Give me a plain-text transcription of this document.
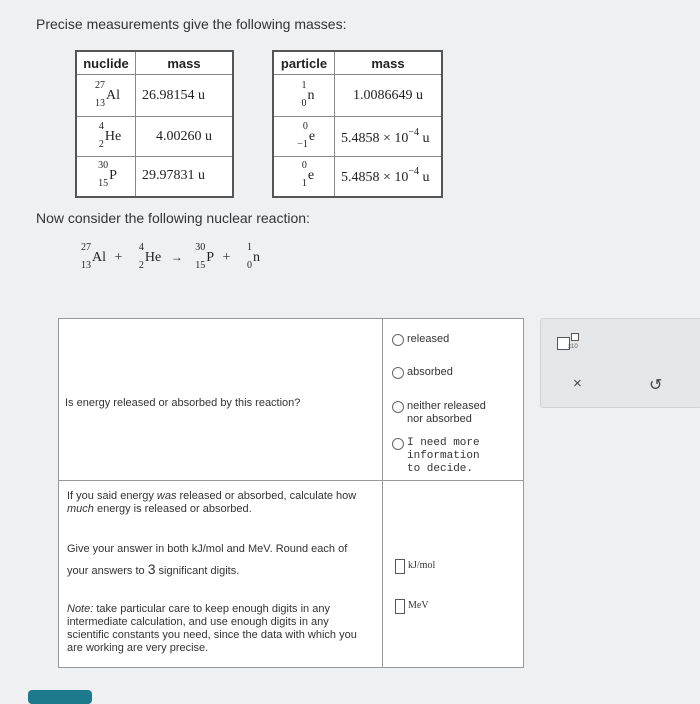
Precise measurements give the following masses:
nuclide	mass

27
13
Al	26.98154 u

4
2
He	4.00260 u

30
15
P	29.97831 u
particle	mass

1
0
n	1.0086649 u

0
−1
e	$5.4858 \times 10^{-4}$ u

0
1
e	$5.4858 \times 10^{-4}$ u
Now consider the following nuclear reaction:
27
13
Al +
4
2
He →
30
15
P +
1
0
n
Is energy released or absorbed by this reaction?
released
absorbed
neither released nor absorbed
I need more information to decide.
If you said energy was released or absorbed, calculate how much energy is released or absorbed.
Give your answer in both kJ/mol and MeV. Round each of your answers to 3 significant digits.
Note: take particular care to keep enough digits in any intermediate calculation, and use enough digits in any scientific constants you need, since the data with which you are working are very precise.
kJ/mol
MeV
x10
×	↺
